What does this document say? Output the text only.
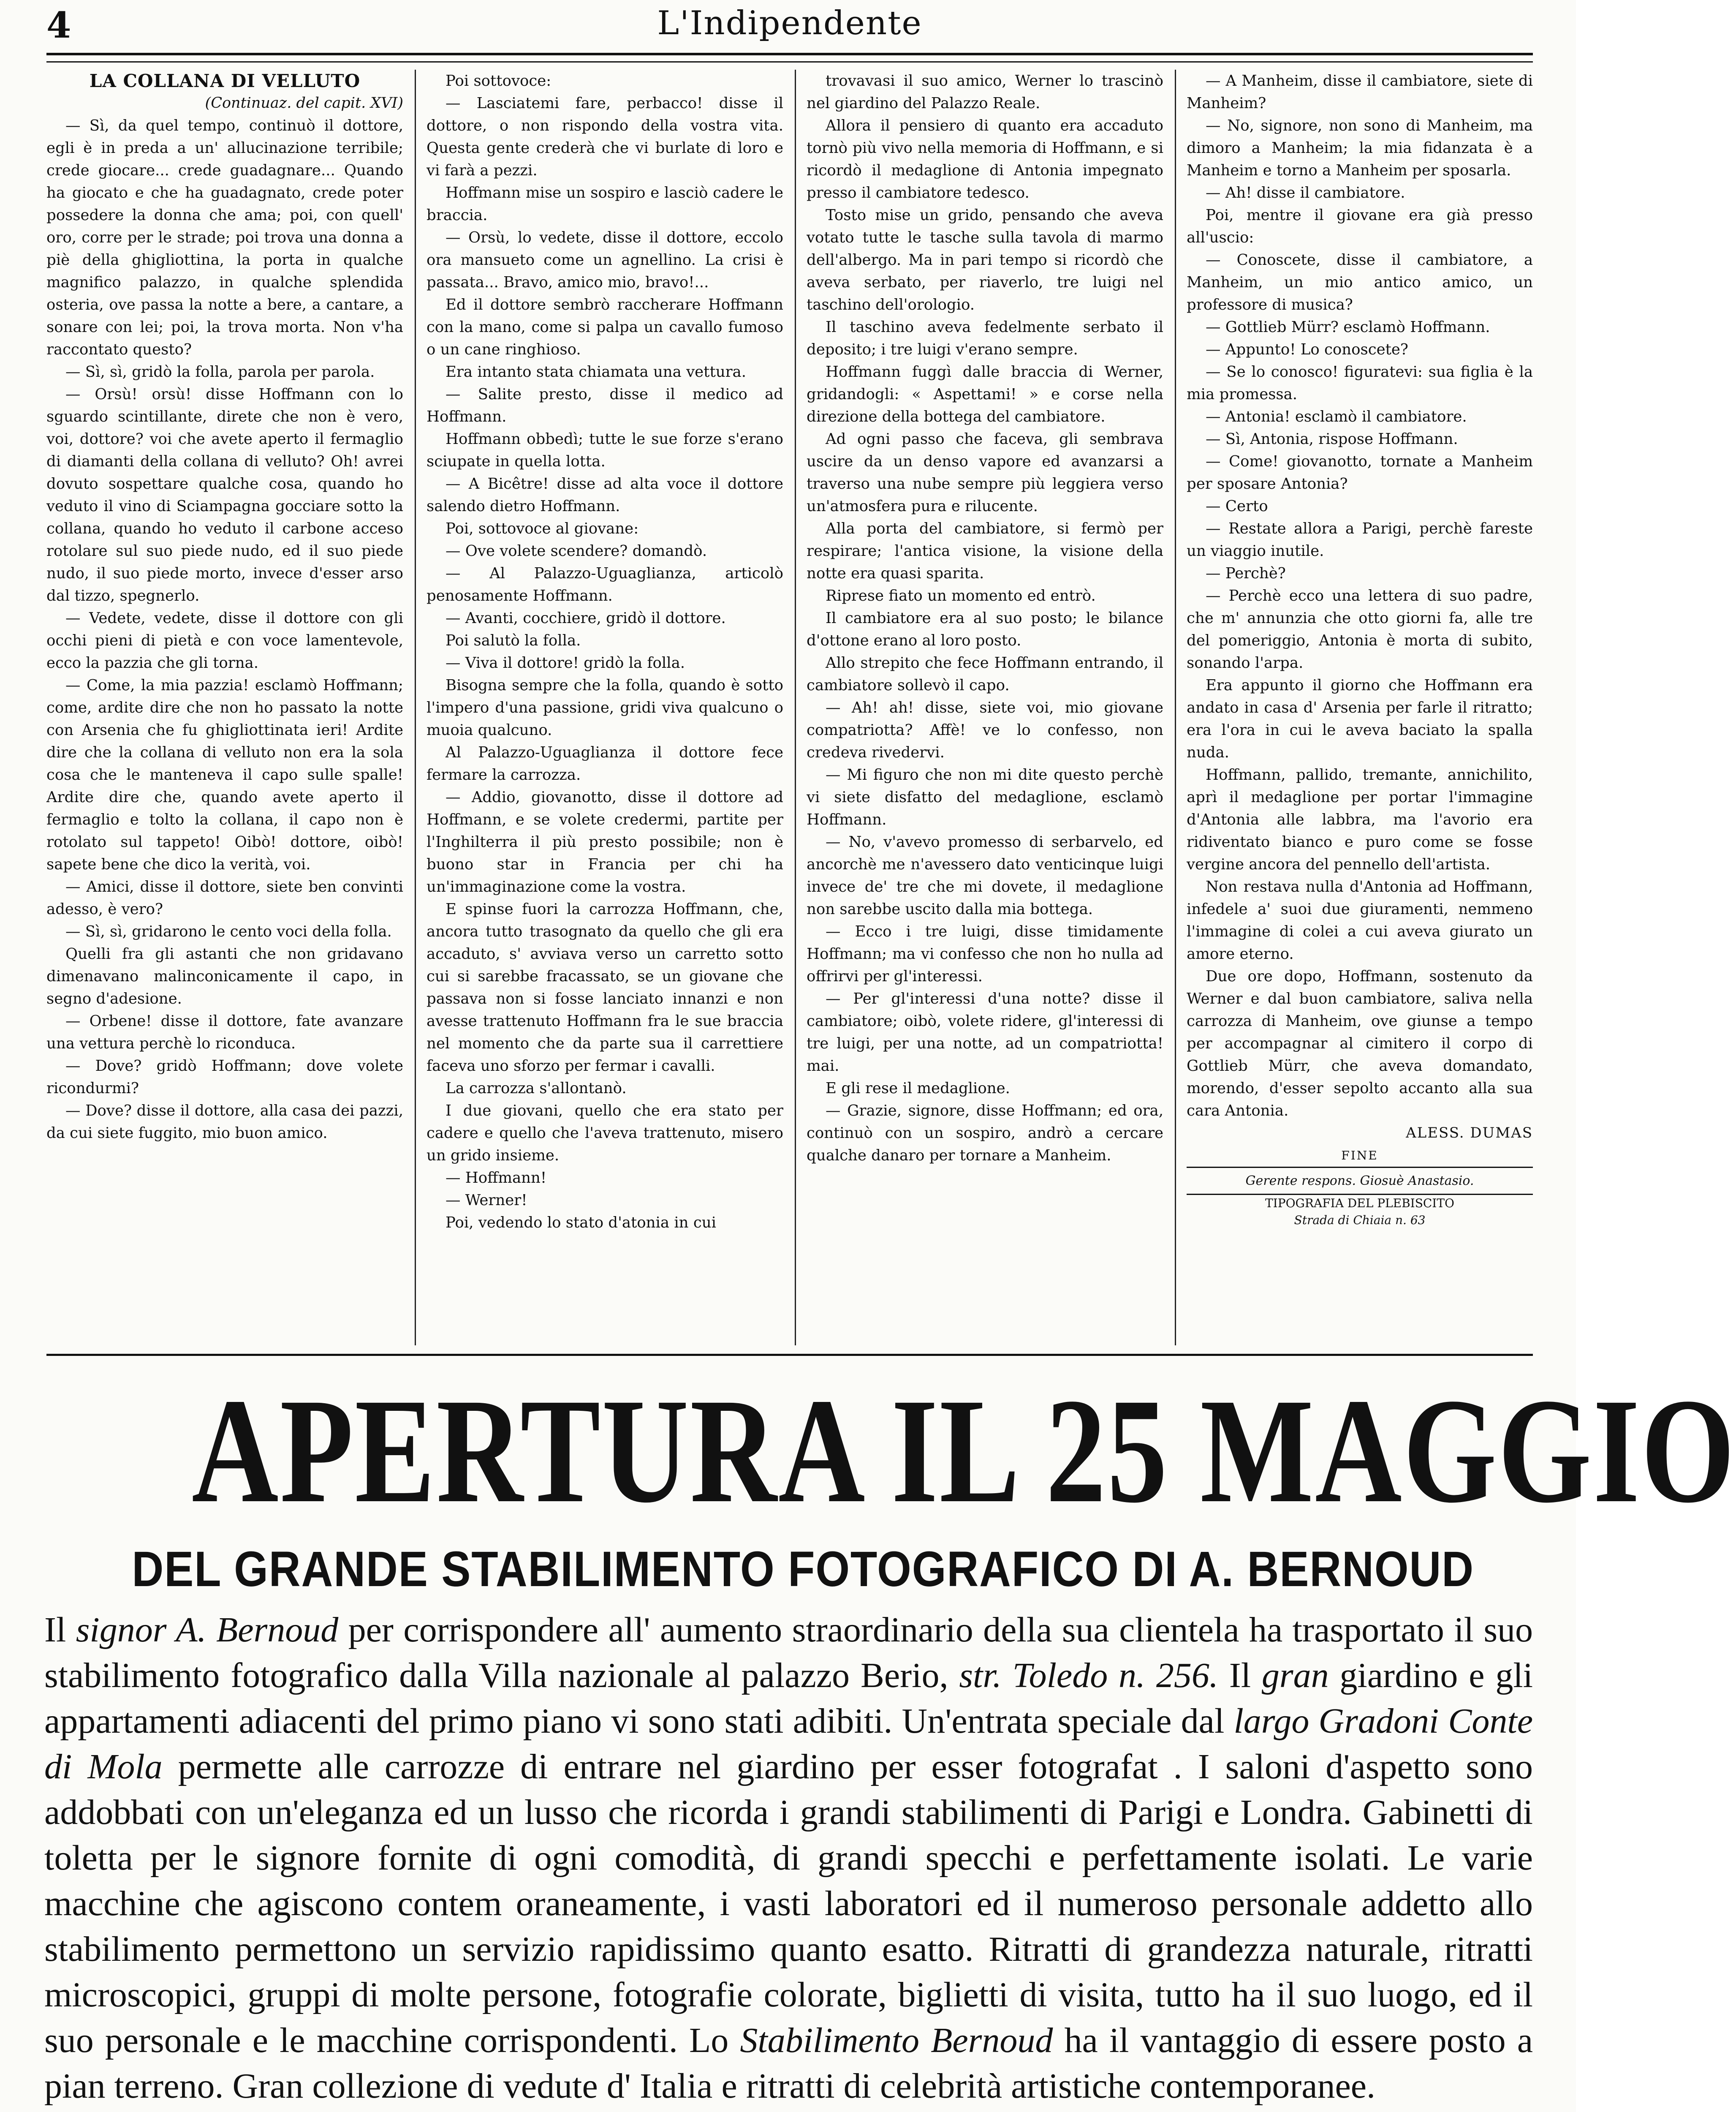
4	L'Indipendente

LA COLLANA DI VELLUTO

(Continuaz. del capit. XVI)

— Sì, da quel tempo, continuò il dottore, egli è in preda a un' allucinazione terribile; crede giocare... crede guadagnare... Quando ha giocato e che ha guadagnato, crede poter possedere la donna che ama; poi, con quell' oro, corre per le strade; poi trova una donna a piè della ghigliottina, la porta in qualche magnifico palazzo, in qualche splendida osteria, ove passa la notte a bere, a cantare, a sonare con lei; poi, la trova morta. Non v'ha raccontato questo?

— Sì, sì, gridò la folla, parola per parola.

— Orsù! orsù! disse Hoffmann con lo sguardo scintillante, direte che non è vero, voi, dottore? voi che avete aperto il fermaglio di diamanti della collana di velluto? Oh! avrei dovuto sospettare qualche cosa, quando ho veduto il vino di Sciampagna gocciare sotto la collana, quando ho veduto il carbone acceso rotolare sul suo piede nudo, ed il suo piede nudo, il suo piede morto, invece d'esser arso dal tizzo, spegnerlo.

— Vedete, vedete, disse il dottore con gli occhi pieni di pietà e con voce lamentevole, ecco la pazzia che gli torna.

— Come, la mia pazzia! esclamò Hoffmann; come, ardite dire che non ho passato la notte con Arsenia che fu ghigliottinata ieri! Ardite dire che la collana di velluto non era la sola cosa che le manteneva il capo sulle spalle! Ardite dire che, quando avete aperto il fermaglio e tolto la collana, il capo non è rotolato sul tappeto! Oibò! dottore, oibò! sapete bene che dico la verità, voi.

— Amici, disse il dottore, siete ben convinti adesso, è vero?

— Sì, sì, gridarono le cento voci della folla.

Quelli fra gli astanti che non gridavano dimenavano malinconicamente il capo, in segno d'adesione.

— Orbene! disse il dottore, fate avanzare una vettura perchè lo riconduca.

— Dove? gridò Hoffmann; dove volete ricondurmi?

— Dove? disse il dottore, alla casa dei pazzi, da cui siete fuggito, mio buon amico.

Poi sottovoce:

— Lasciatemi fare, perbacco! disse il dottore, o non rispondo della vostra vita. Questa gente crederà che vi burlate di loro e vi farà a pezzi.

Hoffmann mise un sospiro e lasciò cadere le braccia.

— Orsù, lo vedete, disse il dottore, eccolo ora mansueto come un agnellino. La crisi è passata... Bravo, amico mio, bravo!...

Ed il dottore sembrò raccherare Hoffmann con la mano, come si palpa un cavallo fumoso o un cane ringhioso.

Era intanto stata chiamata una vettura.

— Salite presto, disse il medico ad Hoffmann.

Hoffmann obbedì; tutte le sue forze s'erano sciupate in quella lotta.

— A Bicêtre! disse ad alta voce il dottore salendo dietro Hoffmann.

Poi, sottovoce al giovane:

— Ove volete scendere? domandò.

— Al Palazzo-Uguaglianza, articolò penosamente Hoffmann.

— Avanti, cocchiere, gridò il dottore.

Poi salutò la folla.

— Viva il dottore! gridò la folla.

Bisogna sempre che la folla, quando è sotto l'impero d'una passione, gridi viva qualcuno o muoia qualcuno.

Al Palazzo-Uguaglianza il dottore fece fermare la carrozza.

— Addio, giovanotto, disse il dottore ad Hoffmann, e se volete credermi, partite per l'Inghilterra il più presto possibile; non è buono star in Francia per chi ha un'immaginazione come la vostra.

E spinse fuori la carrozza Hoffmann, che, ancora tutto trasognato da quello che gli era accaduto, s' avviava verso un carretto sotto cui si sarebbe fracassato, se un giovane che passava non si fosse lanciato innanzi e non avesse trattenuto Hoffmann fra le sue braccia nel momento che da parte sua il carrettiere faceva uno sforzo per fermar i cavalli.

La carrozza s'allontanò.

I due giovani, quello che era stato per cadere e quello che l'aveva trattenuto, misero un grido insieme.

— Hoffmann!

— Werner!

Poi, vedendo lo stato d'atonia in cui

trovavasi il suo amico, Werner lo trascinò nel giardino del Palazzo Reale.

Allora il pensiero di quanto era accaduto tornò più vivo nella memoria di Hoffmann, e si ricordò il medaglione di Antonia impegnato presso il cambiatore tedesco.

Tosto mise un grido, pensando che aveva votato tutte le tasche sulla tavola di marmo dell'albergo. Ma in pari tempo si ricordò che aveva serbato, per riaverlo, tre luigi nel taschino dell'orologio.

Il taschino aveva fedelmente serbato il deposito; i tre luigi v'erano sempre.

Hoffmann fuggì dalle braccia di Werner, gridandogli: « Aspettami! » e corse nella direzione della bottega del cambiatore.

Ad ogni passo che faceva, gli sembrava uscire da un denso vapore ed avanzarsi a traverso una nube sempre più leggiera verso un'atmosfera pura e rilucente.

Alla porta del cambiatore, si fermò per respirare; l'antica visione, la visione della notte era quasi sparita.

Riprese fiato un momento ed entrò.

Il cambiatore era al suo posto; le bilance d'ottone erano al loro posto.

Allo strepito che fece Hoffmann entrando, il cambiatore sollevò il capo.

— Ah! ah! disse, siete voi, mio giovane compatriotta? Affè! ve lo confesso, non credeva rivedervi.

— Mi figuro che non mi dite questo perchè vi siete disfatto del medaglione, esclamò Hoffmann.

— No, v'avevo promesso di serbarvelo, ed ancorchè me n'avessero dato venticinque luigi invece de' tre che mi dovete, il medaglione non sarebbe uscito dalla mia bottega.

— Ecco i tre luigi, disse timidamente Hoffmann; ma vi confesso che non ho nulla ad offrirvi per gl'interessi.

— Per gl'interessi d'una notte? disse il cambiatore; oibò, volete ridere, gl'interessi di tre luigi, per una notte, ad un compatriotta! mai.

E gli rese il medaglione.

— Grazie, signore, disse Hoffmann; ed ora, continuò con un sospiro, andrò a cercare qualche danaro per tornare a Manheim.

— A Manheim, disse il cambiatore, siete di Manheim?

— No, signore, non sono di Manheim, ma dimoro a Manheim; la mia fidanzata è a Manheim e torno a Manheim per sposarla.

— Ah! disse il cambiatore.

Poi, mentre il giovane era già presso all'uscio:

— Conoscete, disse il cambiatore, a Manheim, un mio antico amico, un professore di musica?

— Gottlieb Mürr? esclamò Hoffmann.

— Appunto! Lo conoscete?

— Se lo conosco! figuratevi: sua figlia è la mia promessa.

— Antonia! esclamò il cambiatore.

— Sì, Antonia, rispose Hoffmann.

— Come! giovanotto, tornate a Manheim per sposare Antonia?

— Certo

— Restate allora a Parigi, perchè fareste un viaggio inutile.

— Perchè?

— Perchè ecco una lettera di suo padre, che m' annunzia che otto giorni fa, alle tre del pomeriggio, Antonia è morta di subito, sonando l'arpa.

Era appunto il giorno che Hoffmann era andato in casa d' Arsenia per farle il ritratto; era l'ora in cui le aveva baciato la spalla nuda.

Hoffmann, pallido, tremante, annichilito, aprì il medaglione per portar l'immagine d'Antonia alle labbra, ma l'avorio era ridiventato bianco e puro come se fosse vergine ancora del pennello dell'artista.

Non restava nulla d'Antonia ad Hoffmann, infedele a' suoi due giuramenti, nemmeno l'immagine di colei a cui aveva giurato un amore eterno.

Due ore dopo, Hoffmann, sostenuto da Werner e dal buon cambiatore, saliva nella carrozza di Manheim, ove giunse a tempo per accompagnar al cimitero il corpo di Gottlieb Mürr, che aveva domandato, morendo, d'esser sepolto accanto alla sua cara Antonia.

ALESS. DUMAS

FINE

Gerente respons. Giosuè Anastasio.

TIPOGRAFIA DEL PLEBISCITO
Strada di Chiaia n. 63

APERTURA IL 25 MAGGIO
DEL GRANDE STABILIMENTO FOTOGRAFICO DI A. BERNOUD
Il signor A. Bernoud per corrispondere all' aumento straordinario della sua clientela ha trasportato il suo stabilimento fotografico dalla Villa nazionale al palazzo Berio, str. Toledo n. 256. Il gran giardino e gli appartamenti adiacenti del primo piano vi sono stati adibiti. Un'entrata speciale dal largo Gradoni Conte di Mola permette alle carrozze di entrare nel giardino per esser fotografat . I saloni d'aspetto sono addobbati con un'eleganza ed un lusso che ricorda i grandi stabilimenti di Parigi e Londra. Gabinetti di toletta per le signore fornite di ogni comodità, di grandi specchi e perfettamente isolati. Le varie macchine che agiscono contem oraneamente, i vasti laboratori ed il numeroso personale addetto allo stabilimento permettono un servizio rapidissimo quanto esatto. Ritratti di grandezza naturale, ritratti microscopici, gruppi di molte persone, fotografie colorate, biglietti di visita, tutto ha il suo luogo, ed il suo personale e le macchine corrispondenti. Lo Stabilimento Bernoud ha il vantaggio di essere posto a pian terreno. Gran collezione di vedute d' Italia e ritratti di celebrità artistiche contemporanee.
